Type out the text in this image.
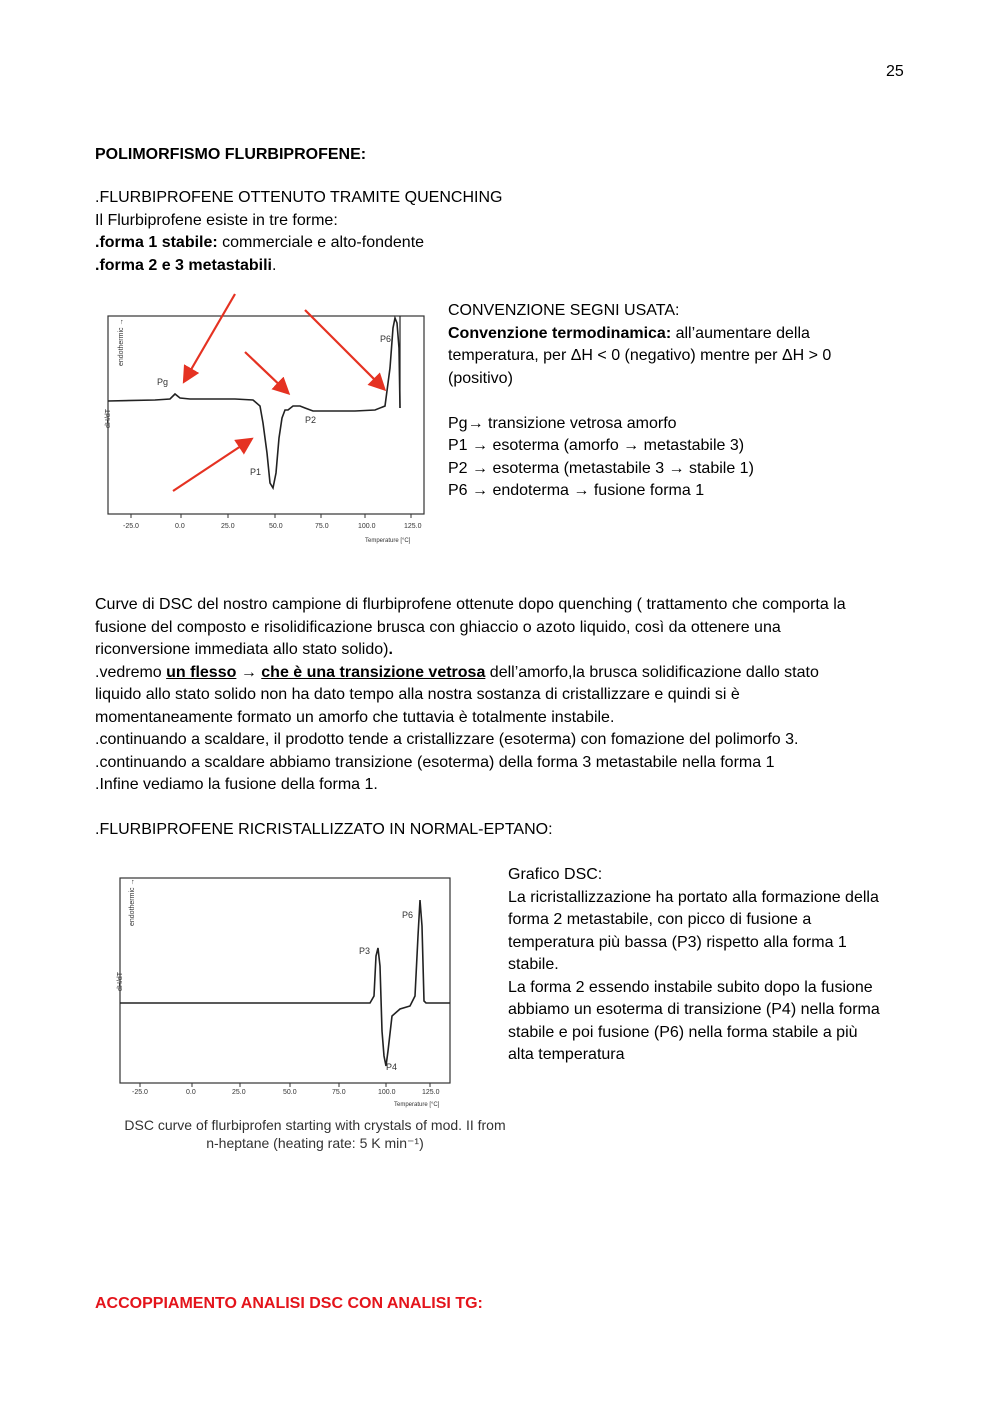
25
POLIMORFISMO FLURBIPROFENE:
.FLURBIPROFENE OTTENUTO TRAMITE QUENCHING
Il Flurbiprofene esiste in tre forme:
.forma 1 stabile: commerciale e alto-fondente
.forma 2 e 3 metastabili.
endothermic →
dH/dT
Pg
P1
P2
P6
-25.0	0.0	25.0	50.0	75.0	100.0	125.0
Temperature [°C]
CONVENZIONE SEGNI USATA:
Convenzione termodinamica: all’aumentare della
temperatura, per ΔH < 0 (negativo) mentre per ΔH > 0
(positivo)
Pg→ transizione vetrosa amorfo
P1 → esoterma (amorfo → metastabile 3)
P2 → esoterma (metastabile 3 → stabile 1)
P6 → endoterma → fusione forma 1
Curve di DSC del nostro campione di flurbiprofene ottenute dopo quenching ( trattamento che comporta la
fusione del composto e risolidificazione brusca con ghiaccio o azoto liquido, così da ottenere una
riconversione immediata allo stato solido).
.vedremo un flesso → che è una transizione vetrosa dell’amorfo,la brusca solidificazione dallo stato
liquido allo stato solido non ha dato tempo alla nostra sostanza di cristallizzare e quindi si è
momentaneamente formato un amorfo che tuttavia è totalmente instabile.
.continuando a scaldare, il prodotto tende a cristallizzare (esoterma) con fomazione del polimorfo 3.
.continuando a scaldare abbiamo transizione (esoterma) della forma 3 metastabile nella forma 1
.Infine vediamo la fusione della forma 1.
.FLURBIPROFENE RICRISTALLIZZATO IN NORMAL-EPTANO:
endothermic →
dH/dT
P3
P4
P6
-25.0	0.0	25.0	50.0	75.0	100.0	125.0
Temperature [°C]
DSC curve of flurbiprofen starting with crystals of mod. II from
n-heptane (heating rate: 5 K min⁻¹)
Grafico DSC:
La ricristallizzazione ha portato alla formazione della
forma 2 metastabile, con picco di fusione a
temperatura più bassa (P3) rispetto alla forma 1
stabile.
La forma 2 essendo instabile subito dopo la fusione
abbiamo un esoterma di transizione (P4) nella forma
stabile e poi fusione (P6) nella forma stabile a più
alta temperatura
ACCOPPIAMENTO ANALISI DSC CON ANALISI TG:
